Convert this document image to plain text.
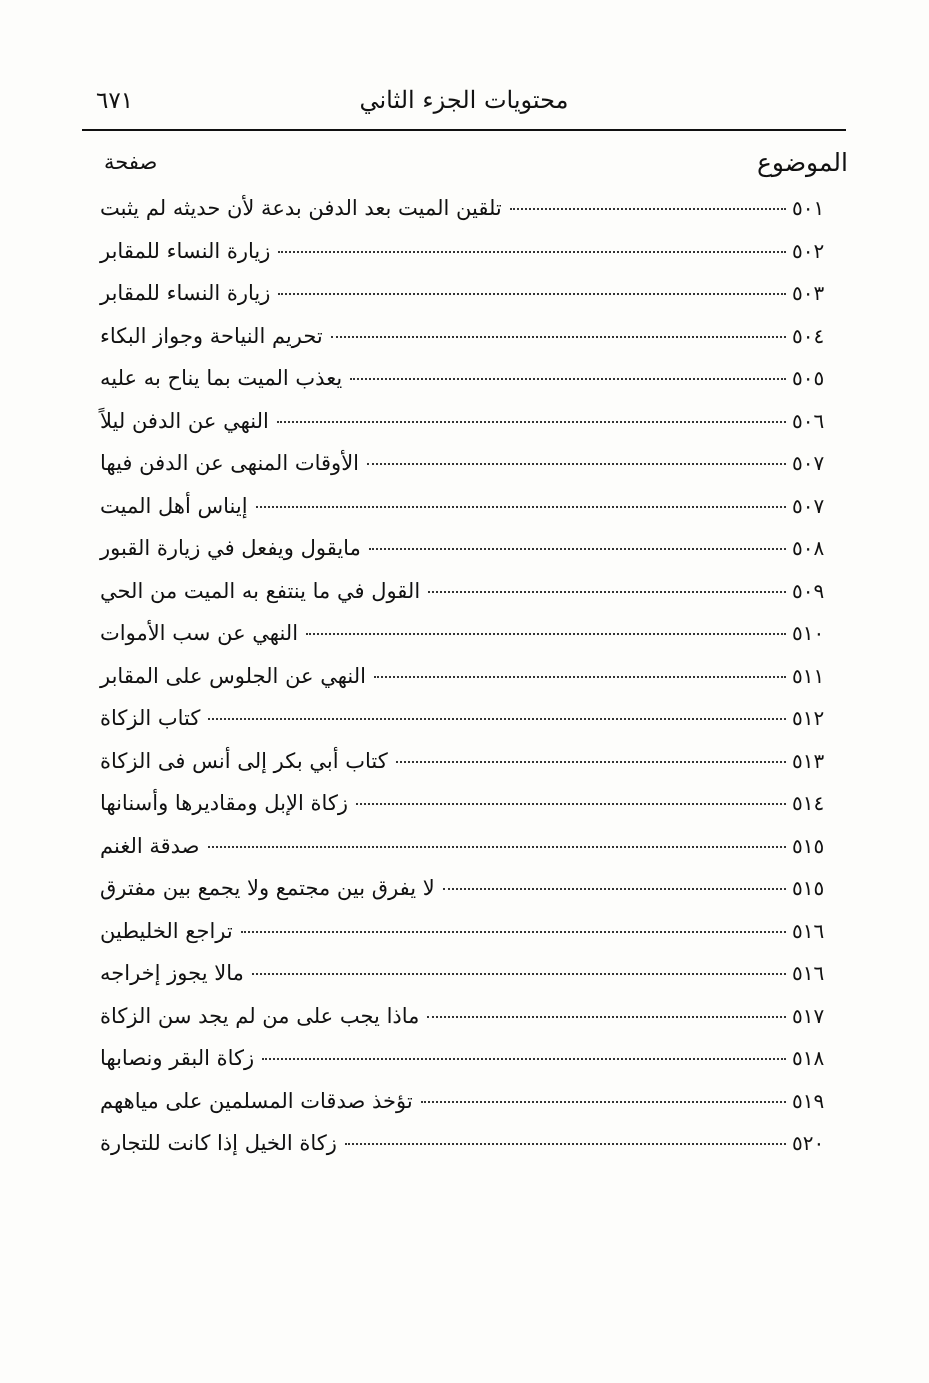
محتويات الجزء الثاني
٦٧١
الموضوع
صفحة
تلقين الميت بعد الدفن بدعة لأن حديثه لم يثبت	٥٠١
زيارة النساء للمقابر	٥٠٢
زيارة النساء للمقابر	٥٠٣
تحريم النياحة وجواز البكاء	٥٠٤
يعذب الميت بما يناح به عليه	٥٠٥
النهي عن الدفن ليلاً	٥٠٦
الأوقات المنهى عن الدفن فيها	٥٠٧
إيناس أهل الميت	٥٠٧
مايقول ويفعل في زيارة القبور	٥٠٨
القول في ما ينتفع به الميت من الحي	٥٠٩
النهي عن سب الأموات	٥١٠
النهي عن الجلوس على المقابر	٥١١
كتاب الزكاة	٥١٢
كتاب أبي بكر إلى أنس فى الزكاة	٥١٣
زكاة الإبل ومقاديرها وأسنانها	٥١٤
صدقة الغنم	٥١٥
لا يفرق بين مجتمع ولا يجمع بين مفترق	٥١٥
تراجع الخليطين	٥١٦
مالا يجوز إخراجه	٥١٦
ماذا يجب على من لم يجد سن الزكاة	٥١٧
زكاة البقر ونصابها	٥١٨
تؤخذ صدقات المسلمين على مياههم	٥١٩
زكاة الخيل إذا كانت للتجارة	٥٢٠
